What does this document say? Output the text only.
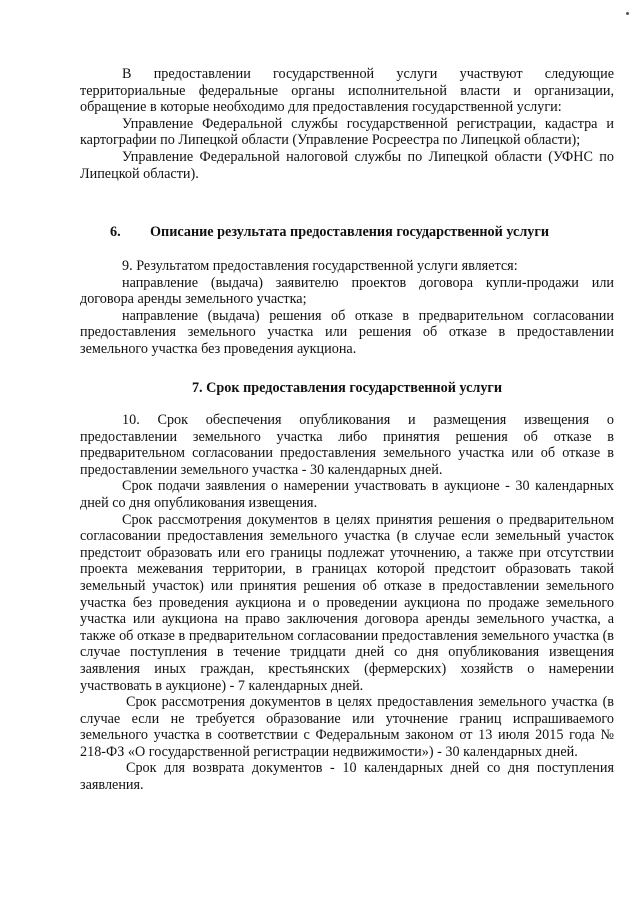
В предоставлении государственной услуги участвуют следующие территориальные федеральные органы исполнительной власти и организации, обращение в которые необходимо для предоставления государственной услуги:

Управление Федеральной службы государственной регистрации, кадастра и картографии по Липецкой области (Управление Росреестра по Липецкой области);

Управление Федеральной налоговой службы по Липецкой области (УФНС по Липецкой области).

6. Описание результата предоставления государственной услуги

9. Результатом предоставления государственной услуги является:

направление (выдача) заявителю проектов договора купли-продажи или договора аренды земельного участка;

направление (выдача) решения об отказе в предварительном согласовании предоставления земельного участка или решения об отказе в предоставлении земельного участка без проведения аукциона.

7. Срок предоставления государственной услуги

10. Срок обеспечения опубликования и размещения извещения о предоставлении земельного участка либо принятия решения об отказе в предварительном согласовании предоставления земельного участка или об отказе в предоставлении земельного участка - 30 календарных дней.

Срок подачи заявления о намерении участвовать в аукционе - 30 календарных дней со дня опубликования извещения.

Срок рассмотрения документов в целях принятия решения о предварительном согласовании предоставления земельного участка (в случае если земельный участок предстоит образовать или его границы подлежат уточнению, а также при отсутствии проекта межевания территории, в границах которой предстоит образовать такой земельный участок) или принятия решения об отказе в предоставлении земельного участка без проведения аукциона и о проведении аукциона по продаже земельного участка или аукциона на право заключения договора аренды земельного участка, а также об отказе в предварительном согласовании предоставления земельного участка (в случае поступления в течение тридцати дней со дня опубликования извещения заявления иных граждан, крестьянских (фермерских) хозяйств о намерении участвовать в аукционе) - 7 календарных дней.

Срок рассмотрения документов в целях предоставления земельного участка (в случае если не требуется образование или уточнение границ испрашиваемого земельного участка в соответствии с Федеральным законом от 13 июля 2015 года № 218-ФЗ «О государственной регистрации недвижимости») - 30 календарных дней.

Срок для возврата документов - 10 календарных дней со дня поступления заявления.
